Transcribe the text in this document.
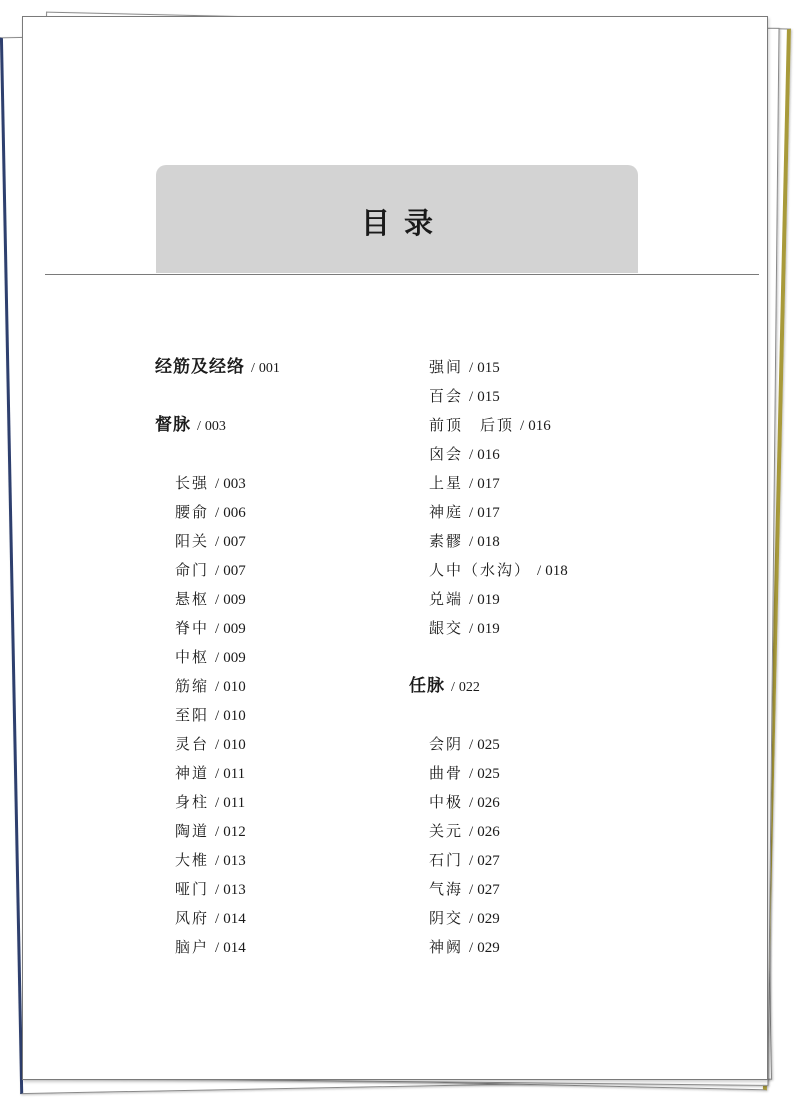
目录
经筋及经络 / 001
督脉 / 003
长强 / 003
腰俞 / 006
阳关 / 007
命门 / 007
悬枢 / 009
脊中 / 009
中枢 / 009
筋缩 / 010
至阳 / 010
灵台 / 010
神道 / 011
身柱 / 011
陶道 / 012
大椎 / 013
哑门 / 013
风府 / 014
脑户 / 014
强间 / 015
百会 / 015
前顶　后顶 / 016
囟会 / 016
上星 / 017
神庭 / 017
素髎 / 018
人中（水沟） / 018
兑端 / 019
龈交 / 019
任脉 / 022
会阴 / 025
曲骨 / 025
中极 / 026
关元 / 026
石门 / 027
气海 / 027
阴交 / 029
神阙 / 029
